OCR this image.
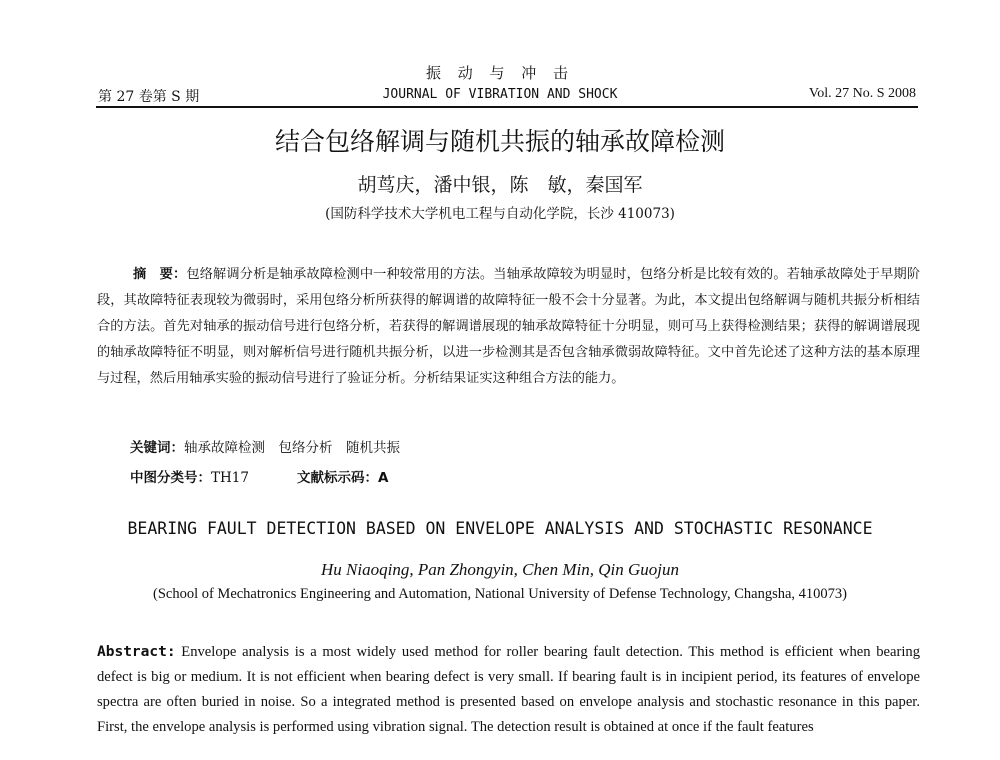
振 动 与 冲 击
第 27 卷第 S 期	JOURNAL OF VIBRATION AND SHOCK	Vol. 27 No. S 2008
结合包络解调与随机共振的轴承故障检测
胡茑庆，潘中银，陈　敏，秦国军
(国防科学技术大学机电工程与自动化学院，长沙 410073)
摘　要：包络解调分析是轴承故障检测中一种较常用的方法。当轴承故障较为明显时，包络分析是比较有效的。若轴承故障处于早期阶段，其故障特征表现较为微弱时，采用包络分析所获得的解调谱的故障特征一般不会十分显著。为此，本文提出包络解调与随机共振分析相结合的方法。首先对轴承的振动信号进行包络分析，若获得的解调谱展现的轴承故障特征十分明显，则可马上获得检测结果；获得的解调谱展现的轴承故障特征不明显，则对解析信号进行随机共振分析，以进一步检测其是否包含轴承微弱故障特征。文中首先论述了这种方法的基本原理与过程，然后用轴承实验的振动信号进行了验证分析。分析结果证实这种组合方法的能力。
关键词：轴承故障检测　包络分析　随机共振
中图分类号：TH17	文献标示码：A
BEARING FAULT DETECTION BASED ON ENVELOPE ANALYSIS AND STOCHASTIC RESONANCE
Hu Niaoqing, Pan Zhongyin, Chen Min, Qin Guojun
(School of Mechatronics Engineering and Automation, National University of Defense Technology, Changsha, 410073)
Abstract: Envelope analysis is a most widely used method for roller bearing fault detection. This method is efficient when bearing defect is big or medium. It is not efficient when bearing defect is very small. If bearing fault is in incipient period, its features of envelope spectra are often buried in noise. So a integrated method is presented based on envelope analysis and stochastic resonance in this paper. First, the envelope analysis is performed using vibration signal. The detection result is obtained at once if the fault features
